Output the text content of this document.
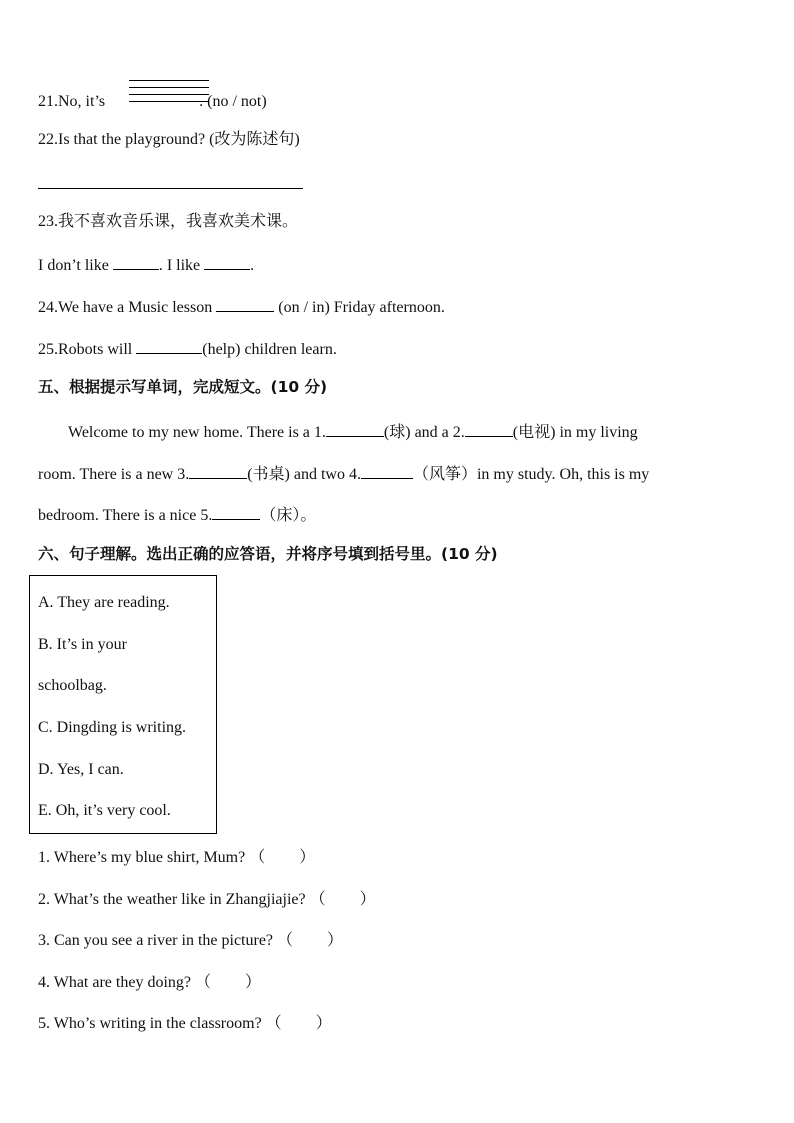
21.No, it’s	. (no / not)
22.Is that the playground? (改为陈述句)
23.我不喜欢音乐课，我喜欢美术课。
I don’t like	. I like	.
24.We have a Music lesson	(on / in) Friday afternoon.
25.Robots will	(help) children learn.
五、根据提示写单词，完成短文。(10 分)
Welcome to my new home. There is a 1.	(球) and a 2.	(电视) in my living
room. There is a new 3.	(书桌) and two 4.	（风筝）in my study. Oh, this is my
bedroom. There is a nice 5.	（床）。
六、句子理解。选出正确的应答语，并将序号填到括号里。(10 分)
A. They are reading.
B. It’s in your
schoolbag.
C. Dingding is writing.
D. Yes, I can.
E. Oh, it’s very cool.
1. Where’s my blue shirt, Mum? （ ）
2. What’s the weather like in Zhangjiajie? （ ）
3. Can you see a river in the picture? （ ）
4. What are they doing? （ ）
5. Who’s writing in the classroom? （ ）
